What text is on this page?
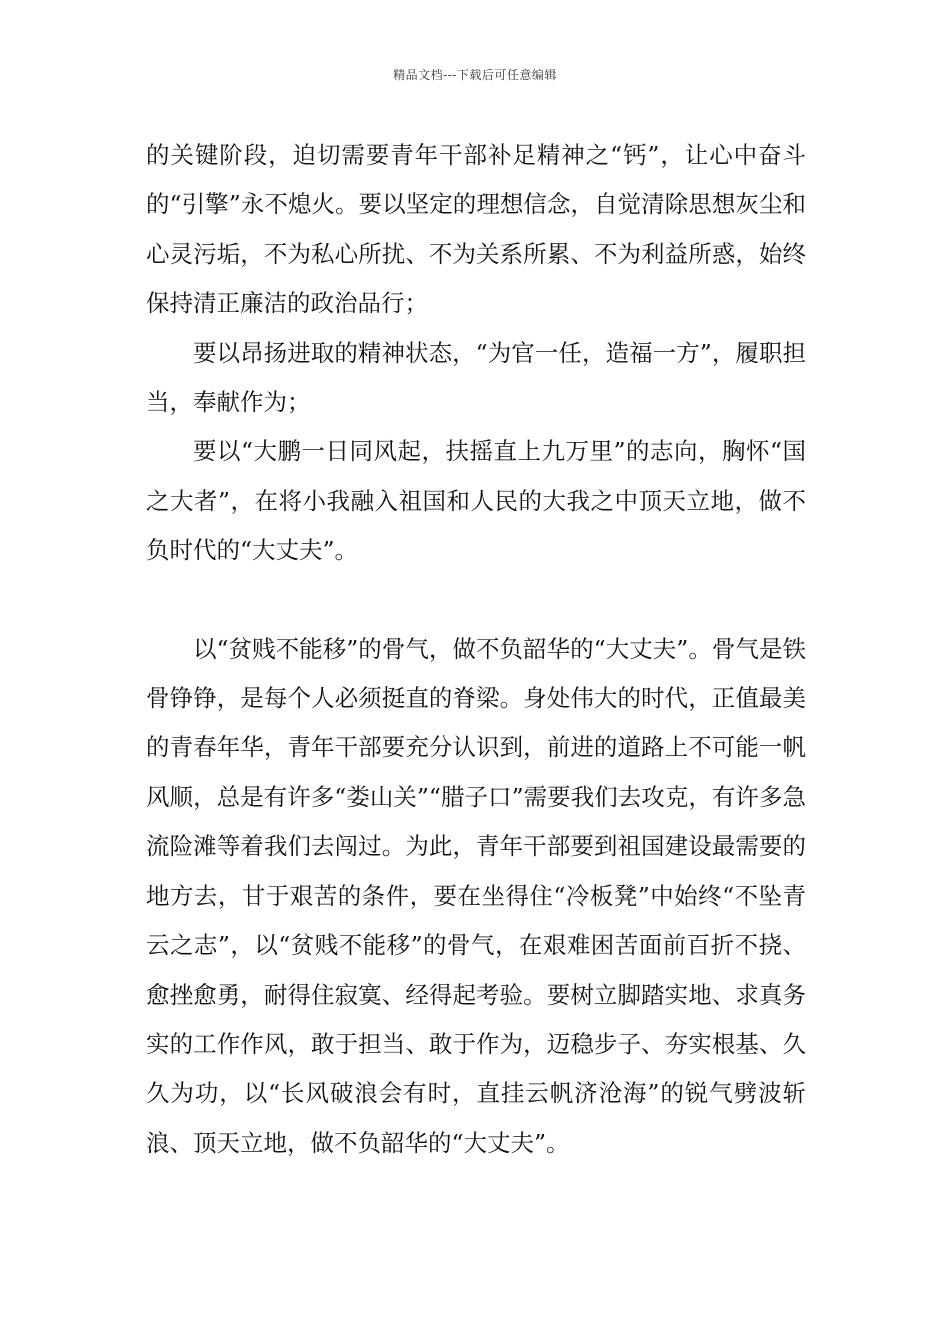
精品文档---下载后可任意编辑

的关键阶段，迫切需要青年干部补足精神之“钙”，让心中奋斗的“引擎”永不熄火。要以坚定的理想信念，自觉清除思想灰尘和心灵污垢，不为私心所扰、不为关系所累、不为利益所惑，始终保持清正廉洁的政治品行；

要以昂扬进取的精神状态，“为官一任，造福一方”，履职担当，奉献作为；

要以“大鹏一日同风起，扶摇直上九万里”的志向，胸怀“国之大者”，在将小我融入祖国和人民的大我之中顶天立地，做不负时代的“大丈夫”。

以“贫贱不能移”的骨气，做不负韶华的“大丈夫”。骨气是铁骨铮铮，是每个人必须挺直的脊梁。身处伟大的时代，正值最美的青春年华，青年干部要充分认识到，前进的道路上不可能一帆风顺，总是有许多“娄山关”“腊子口”需要我们去攻克，有许多急流险滩等着我们去闯过。为此，青年干部要到祖国建设最需要的地方去，甘于艰苦的条件，要在坐得住“冷板凳”中始终“不坠青云之志”，以“贫贱不能移”的骨气，在艰难困苦面前百折不挠、愈挫愈勇，耐得住寂寞、经得起考验。要树立脚踏实地、求真务实的工作作风，敢于担当、敢于作为，迈稳步子、夯实根基、久久为功，以“长风破浪会有时，直挂云帆济沧海”的锐气劈波斩浪、顶天立地，做不负韶华的“大丈夫”。
